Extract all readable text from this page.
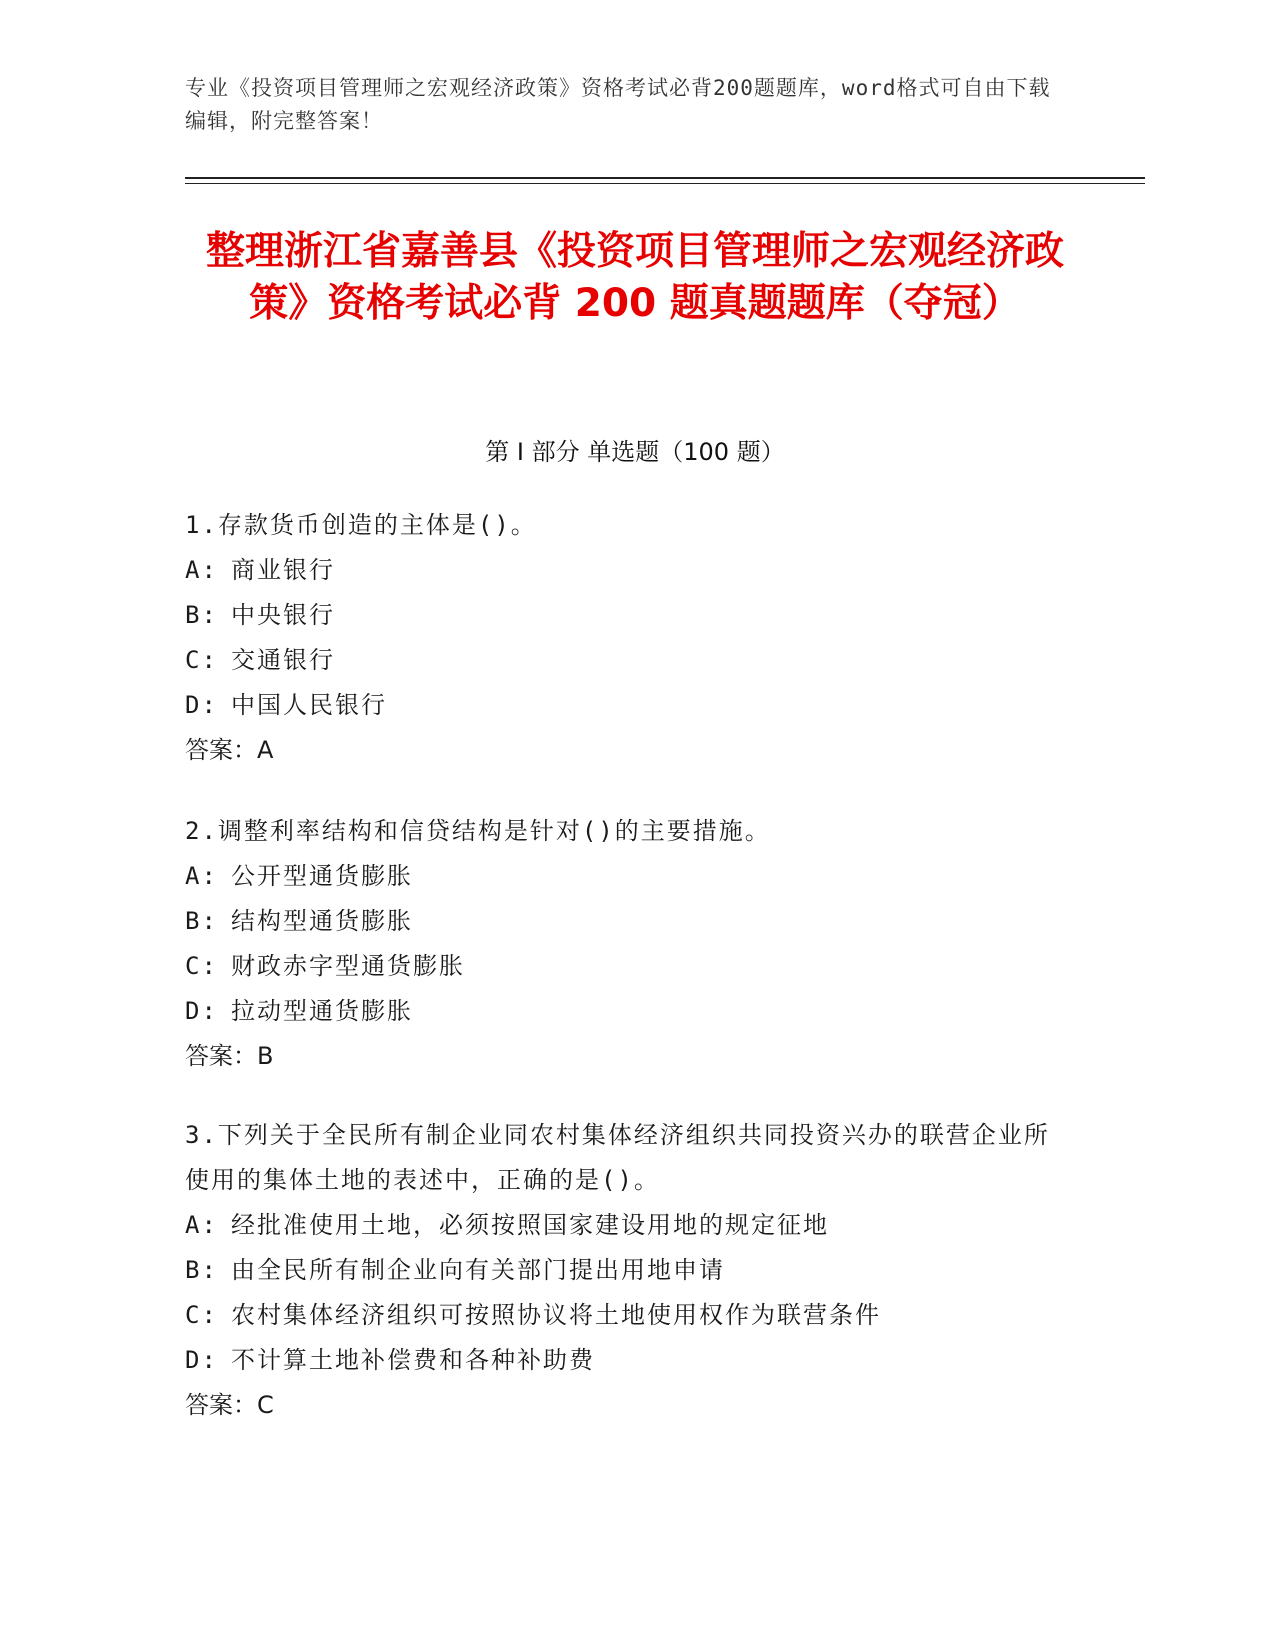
专业《投资项目管理师之宏观经济政策》资格考试必背200题题库，word格式可自由下载编辑，附完整答案！
整理浙江省嘉善县《投资项目管理师之宏观经济政策》资格考试必背 200 题真题题库（夺冠）
第 I 部分 单选题（100 题）
1.存款货币创造的主体是()。
A: 商业银行
B: 中央银行
C: 交通银行
D: 中国人民银行
答案：A
2.调整利率结构和信贷结构是针对()的主要措施。
A: 公开型通货膨胀
B: 结构型通货膨胀
C: 财政赤字型通货膨胀
D: 拉动型通货膨胀
答案：B
3.下列关于全民所有制企业同农村集体经济组织共同投资兴办的联营企业所使用的集体土地的表述中，正确的是()。
A: 经批准使用土地，必须按照国家建设用地的规定征地
B: 由全民所有制企业向有关部门提出用地申请
C: 农村集体经济组织可按照协议将土地使用权作为联营条件
D: 不计算土地补偿费和各种补助费
答案：C
